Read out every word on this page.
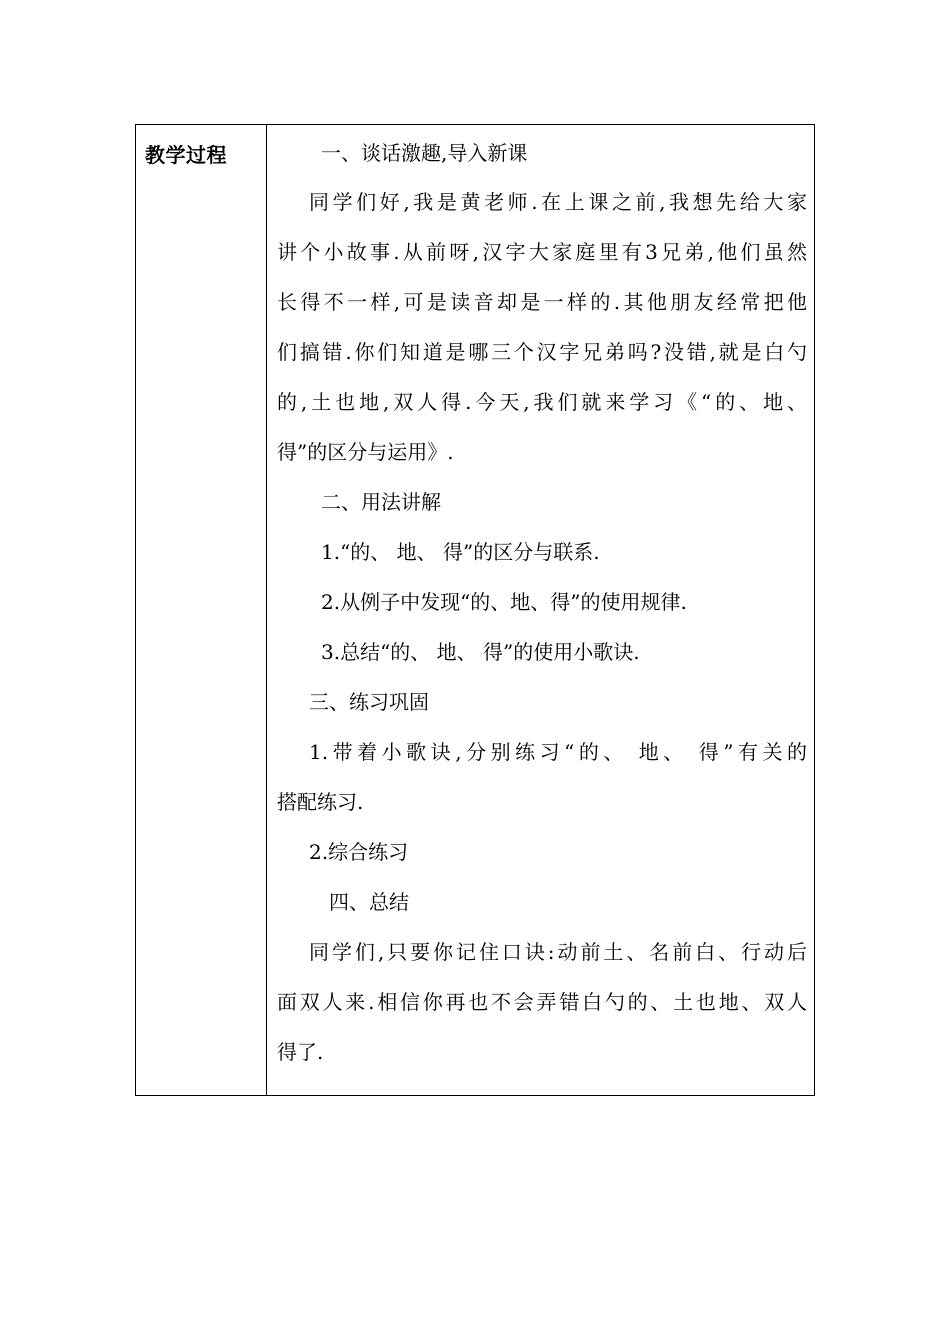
教学过程	一、谈话激趣,导入新课
同学们好,我是黄老师.在上课之前,我想先给大家
讲个小故事.从前呀,汉字大家庭里有3兄弟,他们虽然
长得不一样,可是读音却是一样的.其他朋友经常把他
们搞错.你们知道是哪三个汉字兄弟吗?没错,就是白勺
的,土也地,双人得.今天,我们就来学习《“的、地、
得”的区分与运用》.
二、用法讲解
1.“的、 地、 得”的区分与联系.
2.从例子中发现“的、地、得”的使用规律.
3.总结“的、 地、 得”的使用小歌诀.
三、练习巩固
1.带着小歌诀,分别练习“的、 地、 得”有关的
搭配练习.
2.综合练习
四、总结
同学们,只要你记住口诀:动前土、名前白、行动后
面双人来.相信你再也不会弄错白勺的、土也地、双人
得了.
